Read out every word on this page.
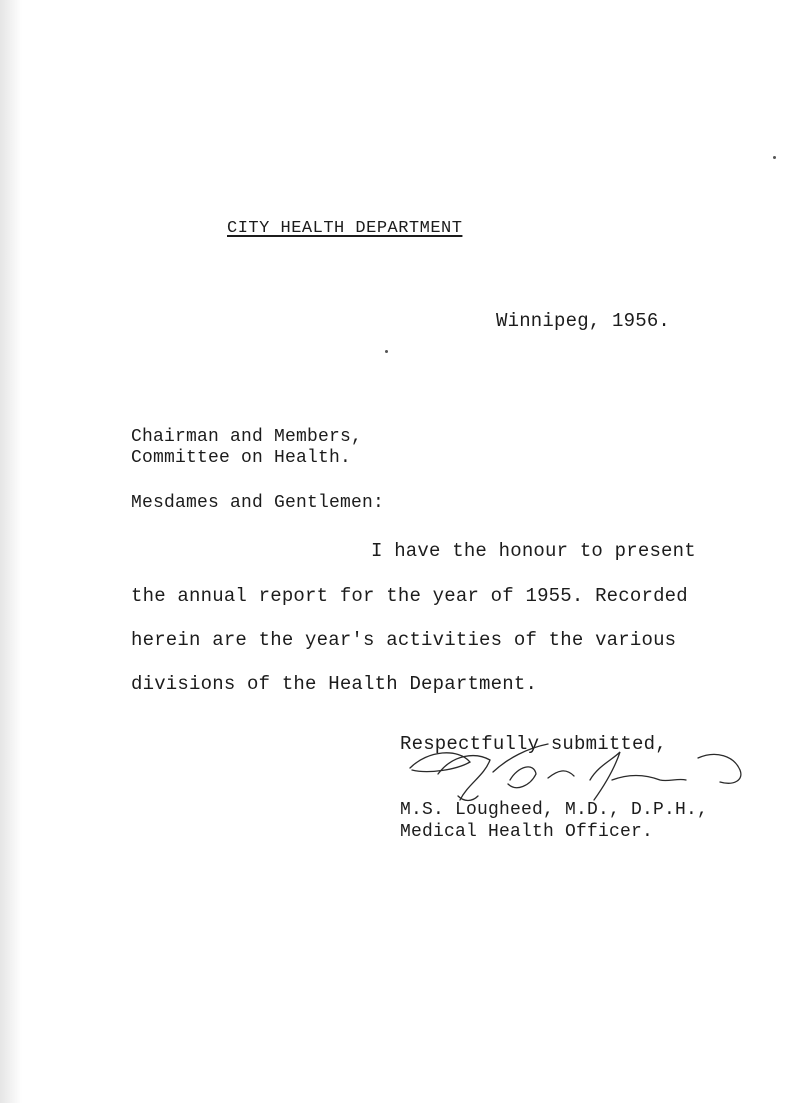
CITY HEALTH DEPARTMENT
Winnipeg, 1956.
Chairman and Members,
Committee on Health.
Mesdames and Gentlemen:
I have the honour to present
the annual report for the year of 1955. Recorded
herein are the year's activities of the various
divisions of the Health Department.
Respectfully submitted,
M.S. Lougheed, M.D., D.P.H.,
Medical Health Officer.
